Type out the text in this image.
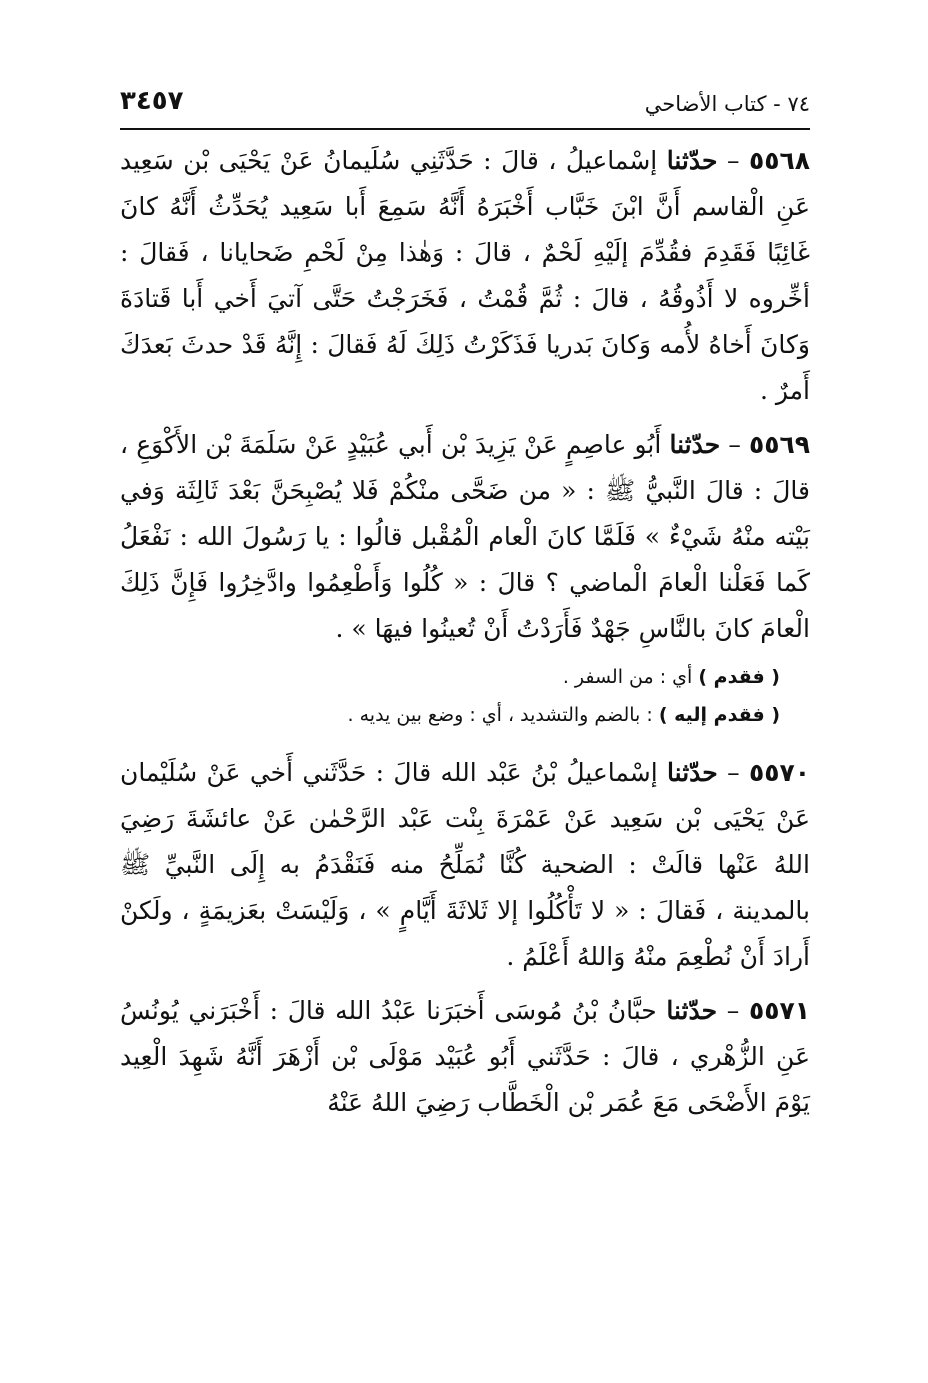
٧٤ - كتاب الأضاحي
٣٤٥٧

٥٥٦٨ – حدّثنا إسْماعيلُ ، قالَ : حَدَّثَنِي سُلَيمانُ عَنْ يَحْيَى بْن سَعِيد عَنِ الْقاسم أَنَّ ابْنَ خَبَّاب أَخْبَرَهُ أَنَّهُ سَمِعَ أَبا سَعِيد يُحَدِّثُ أَنَّهُ كانَ غَائِبًا فَقَدِمَ فقُدِّمَ إلَيْهِ لَحْمٌ ، قالَ : وَهٰذا مِنْ لَحْمِ ضَحايانا ، فَقالَ : أخِّروه لا أَذُوقُهُ ، قالَ : ثُمَّ قُمْتُ ، فَخَرَجْتُ حَتَّى آتيَ أَخي أَبا قَتادَةَ وَكانَ أَخاهُ لأُمه وَكانَ بَدريا فَذَكَرْتُ ذَلِكَ لَهُ فَقالَ : إِنَّهُ قَدْ حدثَ بَعدَكَ أَمرٌ .

٥٥٦٩ – حدّثنا أَبُو عاصِمٍ عَنْ يَزِيدَ بْن أَبي عُبَيْدٍ عَنْ سَلَمَةَ بْن الأَكْوَعِ ، قالَ : قالَ النَّبيُّ ﷺ : « من ضَحَّى منْكُمْ فَلا يُصْبِحَنَّ بَعْدَ ثَالِثَة وَفي بَيْته منْهُ شَيْءٌ » فَلَمَّا كانَ الْعام الْمُقْبل قالُوا : يا رَسُولَ الله : نَفْعَلُ كَما فَعَلْنا الْعامَ الْماضي ؟ قالَ : « كُلُوا وَأَطْعِمُوا وادَّخِرُوا فَإِنَّ ذَلِكَ الْعامَ كانَ بالنَّاسِ جَهْدٌ فَأَرَدْتُ أَنْ تُعينُوا فيهَا » .

( فقدم ) أي : من السفر .

( فقدم إليه ) : بالضم والتشديد ، أي : وضع بين يديه .

٥٥٧٠ – حدّثنا إسْماعيلُ بْنُ عَبْد الله قالَ : حَدَّثَني أَخي عَنْ سُلَيْمان عَنْ يَحْيَى بْن سَعِيد عَنْ عَمْرَةَ بِنْت عَبْد الرَّحْمٰن عَنْ عائشَةَ رَضِيَ اللهُ عَنْها قالَتْ : الضحية كُنَّا نُمَلِّحُ منه فَنَقْدَمُ به إِلَى النَّبيِّ ﷺ بالمدينة ، فَقالَ : « لا تَأْكُلُوا إلا ثَلاثَةَ أَيَّامٍ » ، وَلَيْسَتْ بعَزيمَةٍ ، ولَكنْ أَرادَ أَنْ نُطْعِمَ منْهُ وَاللهُ أَعْلَمُ .

٥٥٧١ – حدّثنا حبَّانُ بْنُ مُوسَى أَخبَرَنا عَبْدُ الله قالَ : أَخْبَرَني يُونُسُ عَنِ الزُّهْري ، قالَ : حَدَّثَني أَبُو عُبَيْد مَوْلَى بْن أَزْهَرَ أَنَّهُ شَهِدَ الْعِيد يَوْمَ الأَضْحَى مَعَ عُمَر بْن الْخَطَّاب رَضِيَ اللهُ عَنْهُ
